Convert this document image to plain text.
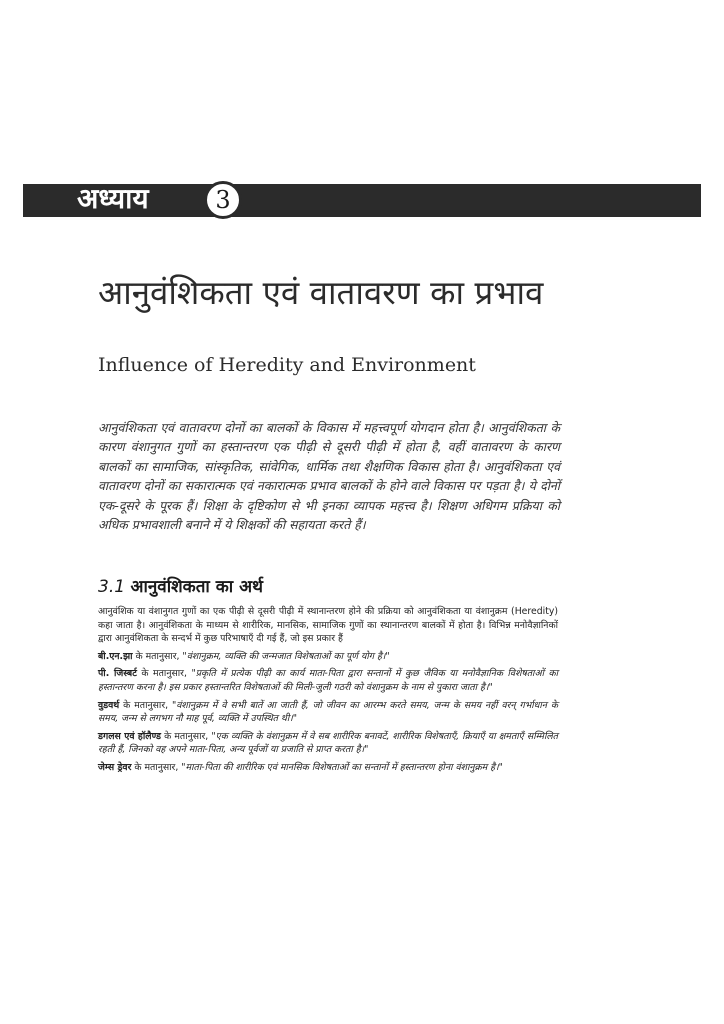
अध्याय	3
आनुवंशिकता एवं वातावरण का प्रभाव
Influence of Heredity and Environment

आनुवंशिकता एवं वातावरण दोनों का बालकों के विकास में महत्त्वपूर्ण योगदान होता है। आनुवंशिकता के कारण वंशानुगत गुणों का हस्तान्तरण एक पीढ़ी से दूसरी पीढ़ी में होता है, वहीं वातावरण के कारण बालकों का सामाजिक, सांस्कृतिक, सांवेगिक, धार्मिक तथा शैक्षणिक विकास होता है। आनुवंशिकता एवं वातावरण दोनों का सकारात्मक एवं नकारात्मक प्रभाव बालकों के होने वाले विकास पर पड़ता है। ये दोनों एक-दूसरे के पूरक हैं। शिक्षा के दृष्टिकोण से भी इनका व्यापक महत्त्व है। शिक्षण अधिगम प्रक्रिया को अधिक प्रभावशाली बनाने में ये शिक्षकों की सहायता करते हैं।

3.1 आनुवंशिकता का अर्थ

आनुवंशिक या वंशानुगत गुणों का एक पीढ़ी से दूसरी पीढ़ी में स्थानान्तरण होने की प्रक्रिया को आनुवंशिकता या वंशानुक्रम (Heredity) कहा जाता है। आनुवंशिकता के माध्यम से शारीरिक, मानसिक, सामाजिक गुणों का स्थानान्तरण बालकों में होता है। विभिन्न मनोवैज्ञानिकों द्वारा आनुवंशिकता के सन्दर्भ में कुछ परिभाषाएँ दी गई हैं, जो इस प्रकार हैं

बी.एन.झा के मतानुसार, "वंशानुक्रम, व्यक्ति की जन्मजात विशेषताओं का पूर्ण योग है।"

पी. जिस्बर्ट के मतानुसार, "प्रकृति में प्रत्येक पीढ़ी का कार्य माता-पिता द्वारा सन्तानों में कुछ जैविक या मनोवैज्ञानिक विशेषताओं का हस्तान्तरण करना है। इस प्रकार हस्तान्तरित विशेषताओं की मिली-जुली गठरी को वंशानुक्रम के नाम से पुकारा जाता है।"

वुडवर्थ के मतानुसार, "वंशानुक्रम में वे सभी बातें आ जाती हैं, जो जीवन का आरम्भ करते समय, जन्म के समय नहीं वरन् गर्भाधान के समय, जन्म से लगभग नौ माह पूर्व, व्यक्ति में उपस्थित थी।"

डगलस एवं हॉलैण्ड के मतानुसार, "एक व्यक्ति के वंशानुक्रम में वे सब शारीरिक बनावटें, शारीरिक विशेषताएँ, क्रियाएँ या क्षमताएँ सम्मिलित रहती हैं, जिनको वह अपने माता-पिता, अन्य पूर्वजों या प्रजाति से प्राप्त करता है।"

जेम्स ड्रेवर के मतानुसार, "माता-पिता की शारीरिक एवं मानसिक विशेषताओं का सन्तानों में हस्तान्तरण होना वंशानुक्रम है।"
